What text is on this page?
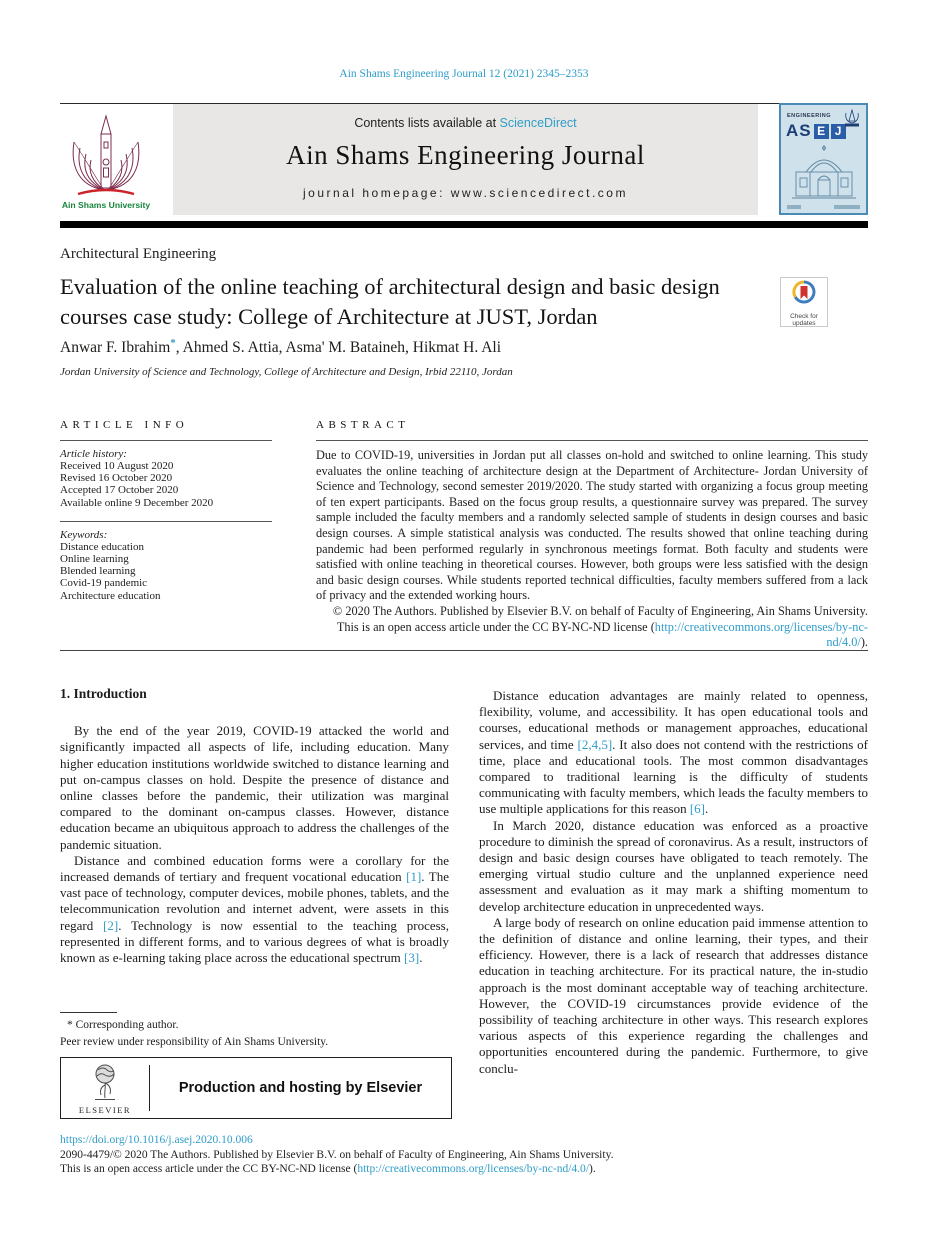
Ain Shams Engineering Journal 12 (2021) 2345–2353
Ain Shams University
Contents lists available at ScienceDirect
Ain Shams Engineering Journal
journal homepage: www.sciencedirect.com
ENGINEERING
AS E J
Architectural Engineering
Evaluation of the online teaching of architectural design and basic design courses case study: College of Architecture at JUST, Jordan	Check for
updates
Anwar F. Ibrahim*, Ahmed S. Attia, Asma' M. Bataineh, Hikmat H. Ali
Jordan University of Science and Technology, College of Architecture and Design, Irbid 22110, Jordan
ARTICLE INFO
Article history:
Received 10 August 2020
Revised 16 October 2020
Accepted 17 October 2020
Available online 9 December 2020
Keywords:
Distance education
Online learning
Blended learning
Covid-19 pandemic
Architecture education
ABSTRACT

Due to COVID-19, universities in Jordan put all classes on-hold and switched to online learning. This study evaluates the online teaching of architecture design at the Department of Architecture- Jordan University of Science and Technology, second semester 2019/2020. The study started with organizing a focus group meeting of ten expert participants. Based on the focus group results, a questionnaire survey was prepared. The survey sample included the faculty members and a randomly selected sample of students in design courses and basic design courses. A simple statistical analysis was conducted. The results showed that online teaching during pandemic had been performed regularly in synchronous meetings format. Both faculty and students were satisfied with online teaching in theoretical courses. However, both groups were less satisfied with the design and basic design courses. While students reported technical difficulties, faculty members suffered from a lack of privacy and the extended working hours.

© 2020 The Authors. Published by Elsevier B.V. on behalf of Faculty of Engineering, Ain Shams University.
This is an open access article under the CC BY-NC-ND license (http://creativecommons.org/licenses/by-nc-nd/4.0/).
1. Introduction

By the end of the year 2019, COVID-19 attacked the world and significantly impacted all aspects of life, including education. Many higher education institutions worldwide switched to distance learning and put on-campus classes on hold. Despite the presence of distance and online classes before the pandemic, their utilization was marginal compared to the dominant on-campus classes. However, distance education became an ubiquitous approach to address the challenges of the pandemic situation.

Distance and combined education forms were a corollary for the increased demands of tertiary and frequent vocational education [1]. The vast pace of technology, computer devices, mobile phones, tablets, and the telecommunication revolution and internet advent, were assets in this regard [2]. Technology is now essential to the teaching process, represented in different forms, and to various degrees of what is broadly known as e-learning taking place across the educational spectrum [3].

Distance education advantages are mainly related to openness, flexibility, volume, and accessibility. It has open educational tools and courses, educational methods or management approaches, educational services, and time [2,4,5]. It also does not contend with the restrictions of time, place and educational tools. The most common disadvantages compared to traditional learning is the difficulty of students communicating with faculty members, which leads the faculty members to use multiple applications for this reason [6].

In March 2020, distance education was enforced as a proactive procedure to diminish the spread of coronavirus. As a result, instructors of design and basic design courses have obligated to teach remotely. The emerging virtual studio culture and the unplanned experience need assessment and evaluation as it may mark a shifting momentum to develop architecture education in unprecedented ways.

A large body of research on online education paid immense attention to the definition of distance and online learning, their types, and their efficiency. However, there is a lack of research that addresses distance education in teaching architecture. For its practical nature, the in-studio approach is the most dominant acceptable way of teaching architecture. However, the COVID-19 circumstances provide evidence of the possibility of teaching architecture in other ways. This research explores various aspects of this experience regarding the challenges and opportunities encountered during the pandemic. Furthermore, to give conclu-

* Corresponding author.
Peer review under responsibility of Ain Shams University.
ELSEVIER
Production and hosting by Elsevier
https://doi.org/10.1016/j.asej.2020.10.006
2090-4479/© 2020 The Authors. Published by Elsevier B.V. on behalf of Faculty of Engineering, Ain Shams University.
This is an open access article under the CC BY-NC-ND license (http://creativecommons.org/licenses/by-nc-nd/4.0/).
